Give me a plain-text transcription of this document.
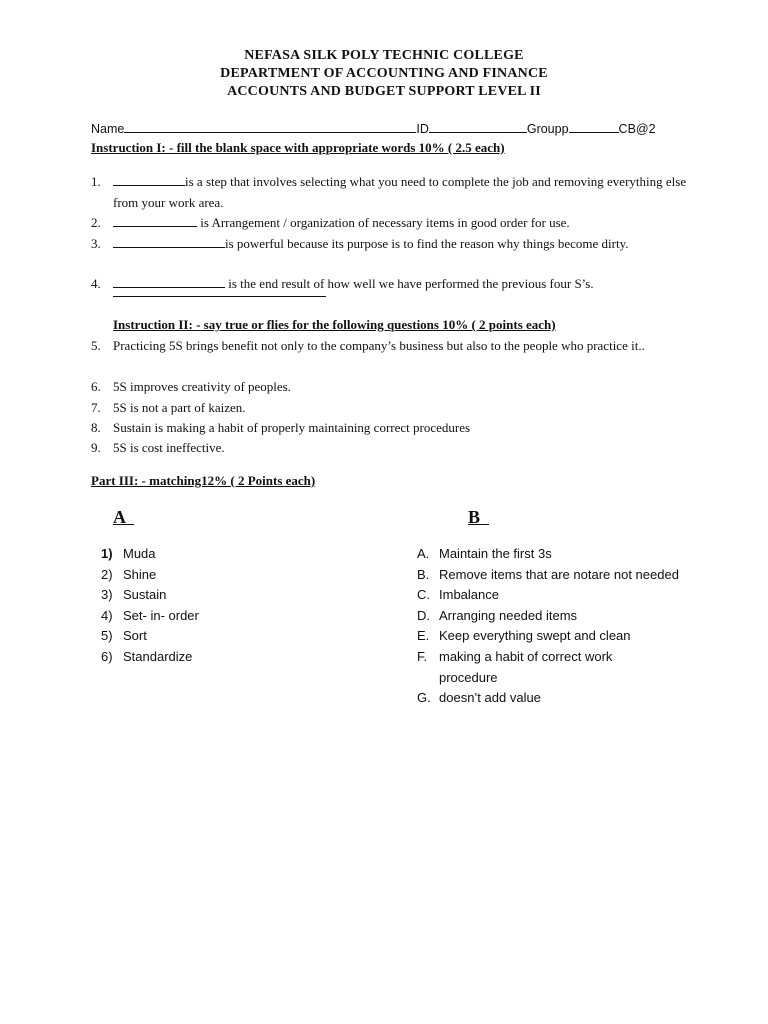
NEFASA SILK POLY TECHNIC COLLEGE
DEPARTMENT OF ACCOUNTING AND FINANCE
ACCOUNTS AND BUDGET SUPPORT LEVEL II
Name	ID	Groupp	CB@2
Instruction I: - fill the blank space with appropriate words 10% ( 2.5 each)
1.	is a step that involves selecting what you need to complete the job and removing everything else from your work area.
2.	is Arrangement / organization of necessary items in good order for use.
3.	is powerful because its purpose is to find the reason why things become dirty.
4.	is the end result of how well we have performed the previous four S’s.
Instruction II: - say true or flies for the following questions 10% ( 2 points each)
5. Practicing 5S brings benefit not only to the company’s business but also to the people who practice it..
6. 5S improves creativity of peoples.
7. 5S is not a part of kaizen.
8. Sustain is making a habit of properly maintaining correct procedures
9. 5S is cost ineffective.
Part III: - matching12% ( 2 Points each)
A	B
1) Muda
2) Shine
3) Sustain
4) Set- in- order
5) Sort
6) Standardize
A. Maintain the first 3s
B. Remove items that are notare not needed
C. Imbalance
D. Arranging needed items
E. Keep everything swept and clean
F. making a habit of correct work procedure
G. doesn’t add value
